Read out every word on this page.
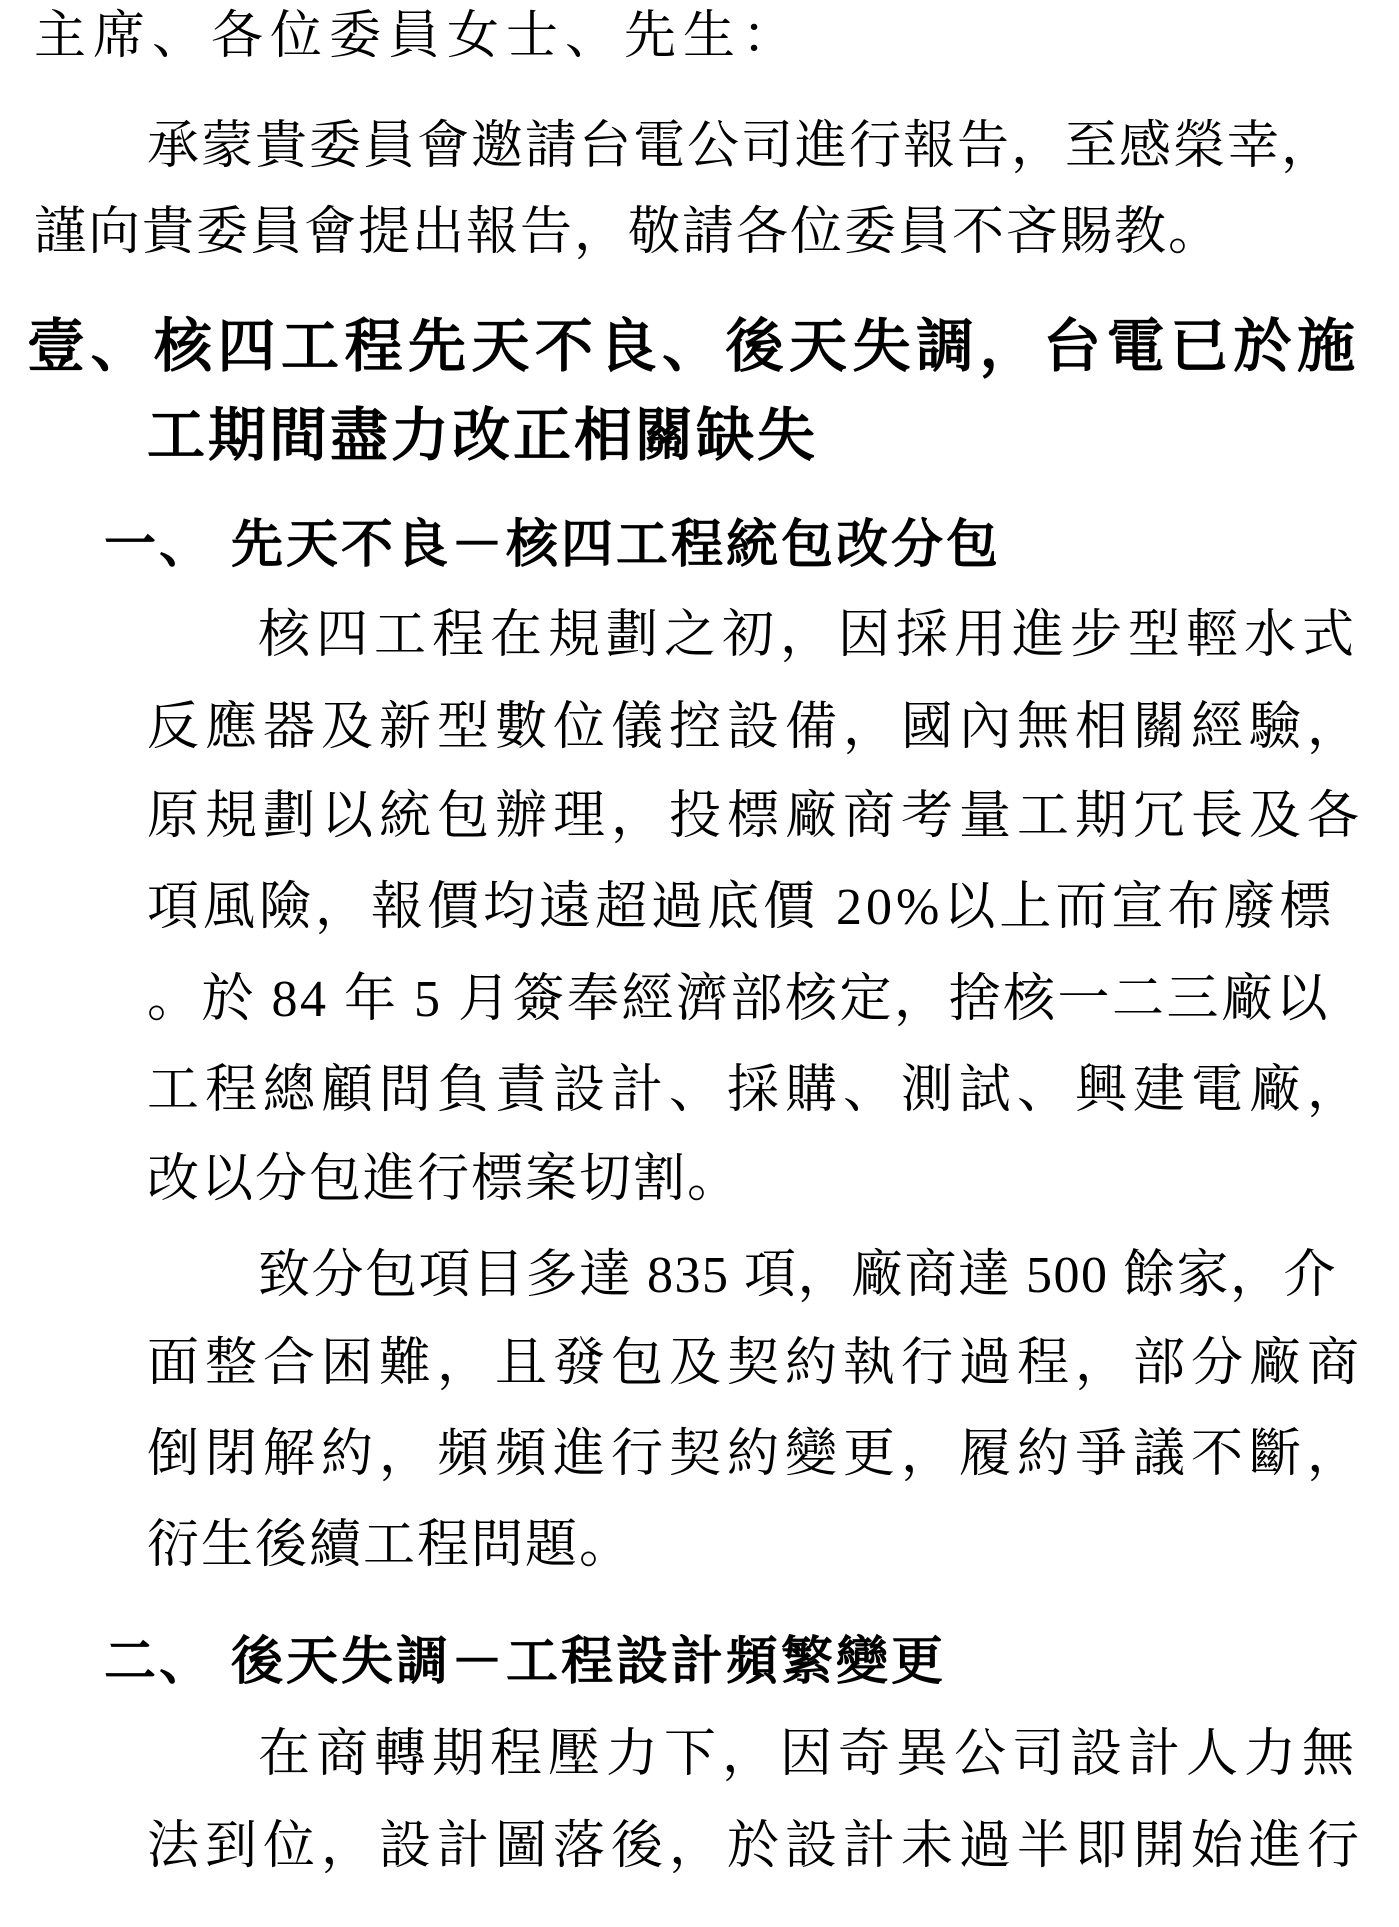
主席、各位委員女士、先生：
承蒙貴委員會邀請台電公司進行報告，至感榮幸，
謹向貴委員會提出報告，敬請各位委員不吝賜教。
壹、核四工程先天不良、後天失調，台電已於施
工期間盡力改正相關缺失
一、 先天不良－核四工程統包改分包
核四工程在規劃之初，因採用進步型輕水式
反應器及新型數位儀控設備，國內無相關經驗，
原規劃以統包辦理，投標廠商考量工期冗長及各
項風險，報價均遠超過底價 20%以上而宣布廢標
。於 84 年 5 月簽奉經濟部核定，捨核一二三廠以
工程總顧問負責設計、採購、測試、興建電廠，
改以分包進行標案切割。
致分包項目多達 835 項，廠商達 500 餘家，介
面整合困難，且發包及契約執行過程，部分廠商
倒閉解約，頻頻進行契約變更，履約爭議不斷，
衍生後續工程問題。
二、 後天失調－工程設計頻繁變更
在商轉期程壓力下，因奇異公司設計人力無
法到位，設計圖落後，於設計未過半即開始進行
